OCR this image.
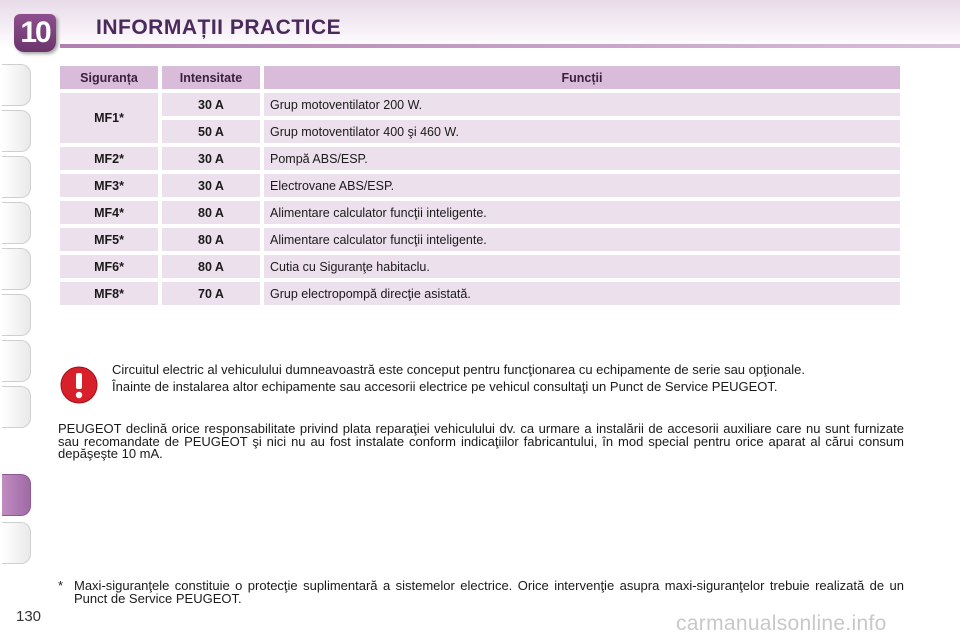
10	INFORMAȚII PRACTICE
Siguranța	Intensitate	Funcții
MF1*	30 A	Grup motoventilator 200 W.
	50 A	Grup motoventilator 400 şi 460 W.
MF2*	30 A	Pompă ABS/ESP.
MF3*	30 A	Electrovane ABS/ESP.
MF4*	80 A	Alimentare calculator funcţii inteligente.
MF5*	80 A	Alimentare calculator funcţii inteligente.
MF6*	80 A	Cutia cu Siguranţe habitaclu.
MF8*	70 A	Grup electropompă direcţie asistată.

Circuitul electric al vehiculului dumneavoastră este conceput pentru funcţionarea cu echipamente de serie sau opţionale.

Înainte de instalarea altor echipamente sau accesorii electrice pe vehicul consultaţi un Punct de Service PEUGEOT.

PEUGEOT declină orice responsabilitate privind plata reparaţiei vehiculului dv. ca urmare a instalării de accesorii auxiliare care nu sunt furnizate sau recomandate de PEUGEOT şi nici nu au fost instalate conform indicaţiilor fabricantului, în mod special pentru orice aparat al cărui consum depăşeşte 10 mA.

* Maxi-siguranţele constituie o protecţie suplimentară a sistemelor electrice. Orice intervenţie asupra maxi-siguranţelor trebuie realizată de un Punct de Service PEUGEOT.
130	carmanualsonline.info
